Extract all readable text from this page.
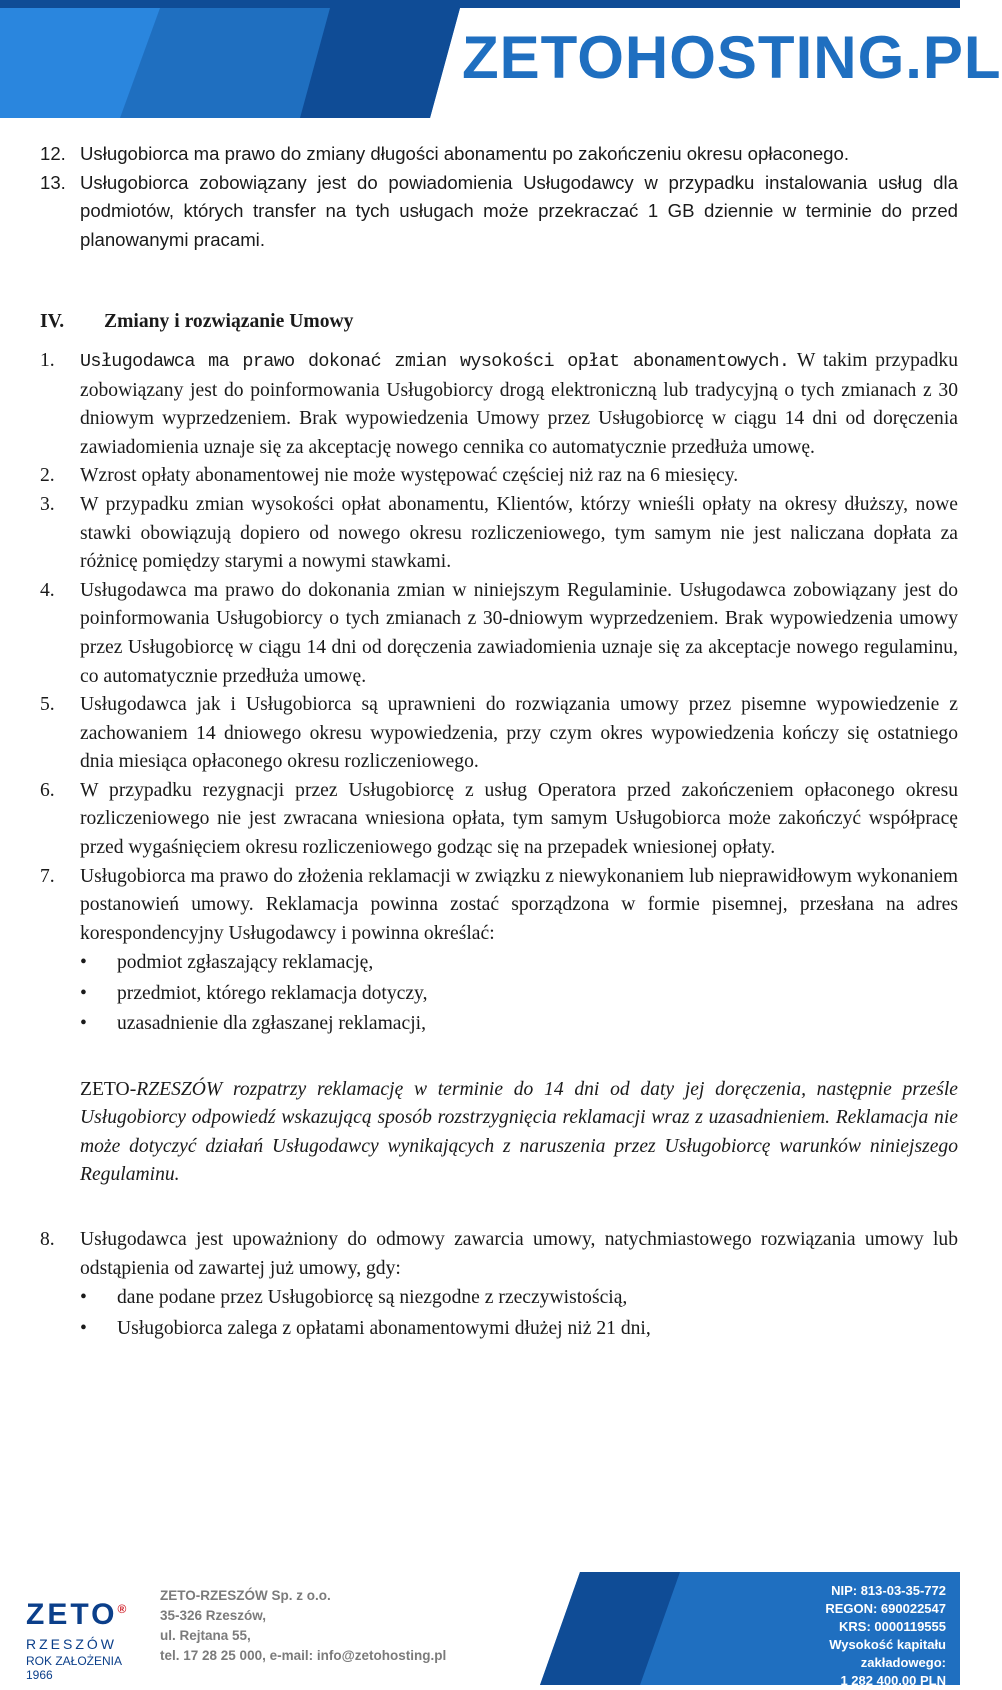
ZETOHOSTING.PL
12. Usługobiorca ma prawo do zmiany długości abonamentu po zakończeniu okresu opłaconego.
13. Usługobiorca zobowiązany jest do powiadomienia Usługodawcy w przypadku instalowania usług dla podmiotów, których transfer na tych usługach może przekraczać 1 GB dziennie w terminie do przed planowanymi pracami.
IV. Zmiany i rozwiązanie Umowy
1. Usługodawca ma prawo dokonać zmian wysokości opłat abonamentowych. W takim przypadku zobowiązany jest do poinformowania Usługobiorcy drogą elektroniczną lub tradycyjną o tych zmianach z 30 dniowym wyprzedzeniem. Brak wypowiedzenia Umowy przez Usługobiorcę w ciągu 14 dni od doręczenia zawiadomienia uznaje się za akceptację nowego cennika co automatycznie przedłuża umowę.
2. Wzrost opłaty abonamentowej nie może występować częściej niż raz na 6 miesięcy.
3. W przypadku zmian wysokości opłat abonamentu, Klientów, którzy wnieśli opłaty na okresy dłuższy, nowe stawki obowiązują dopiero od nowego okresu rozliczeniowego, tym samym nie jest naliczana dopłata za różnicę pomiędzy starymi a nowymi stawkami.
4. Usługodawca ma prawo do dokonania zmian w niniejszym Regulaminie. Usługodawca zobowiązany jest do poinformowania Usługobiorcy o tych zmianach z 30-dniowym wyprzedzeniem. Brak wypowiedzenia umowy przez Usługobiorcę w ciągu 14 dni od doręczenia zawiadomienia uznaje się za akceptacje nowego regulaminu, co automatycznie przedłuża umowę.
5. Usługodawca jak i Usługobiorca są uprawnieni do rozwiązania umowy przez pisemne wypowiedzenie z zachowaniem 14 dniowego okresu wypowiedzenia, przy czym okres wypowiedzenia kończy się ostatniego dnia miesiąca opłaconego okresu rozliczeniowego.
6. W przypadku rezygnacji przez Usługobiorcę z usług Operatora przed zakończeniem opłaconego okresu rozliczeniowego nie jest zwracana wniesiona opłata, tym samym Usługobiorca może zakończyć współpracę przed wygaśnięciem okresu rozliczeniowego godząc się na przepadek wniesionej opłaty.
7. Usługobiorca ma prawo do złożenia reklamacji w związku z niewykonaniem lub nieprawidłowym wykonaniem postanowień umowy. Reklamacja powinna zostać sporządzona w formie pisemnej, przesłana na adres korespondencyjny Usługodawcy i powinna określać:
• podmiot zgłaszający reklamację,
• przedmiot, którego reklamacja dotyczy,
• uzasadnienie dla zgłaszanej reklamacji,
ZETO-RZESZÓW rozpatrzy reklamację w terminie do 14 dni od daty jej doręczenia, następnie prześle Usługobiorcy odpowiedź wskazującą sposób rozstrzygnięcia reklamacji wraz z uzasadnieniem. Reklamacja nie może dotyczyć działań Usługodawcy wynikających z naruszenia przez Usługobiorcę warunków niniejszego Regulaminu.
8. Usługodawca jest upoważniony do odmowy zawarcia umowy, natychmiastowego rozwiązania umowy lub odstąpienia od zawartej już umowy, gdy:
• dane podane przez Usługobiorcę są niezgodne z rzeczywistością,
• Usługobiorca zalega z opłatami abonamentowymi dłużej niż 21 dni,
ZETO®
RZESZÓW
ROK ZAŁOŻENIA 1966
ZETO-RZESZÓW Sp. z o.o.
35-326 Rzeszów,
ul. Rejtana 55,
tel. 17 28 25 000, e-mail: info@zetohosting.pl
NIP: 813-03-35-772
REGON: 690022547
KRS: 0000119555
Wysokość kapitału zakładowego:
1 282 400,00 PLN
